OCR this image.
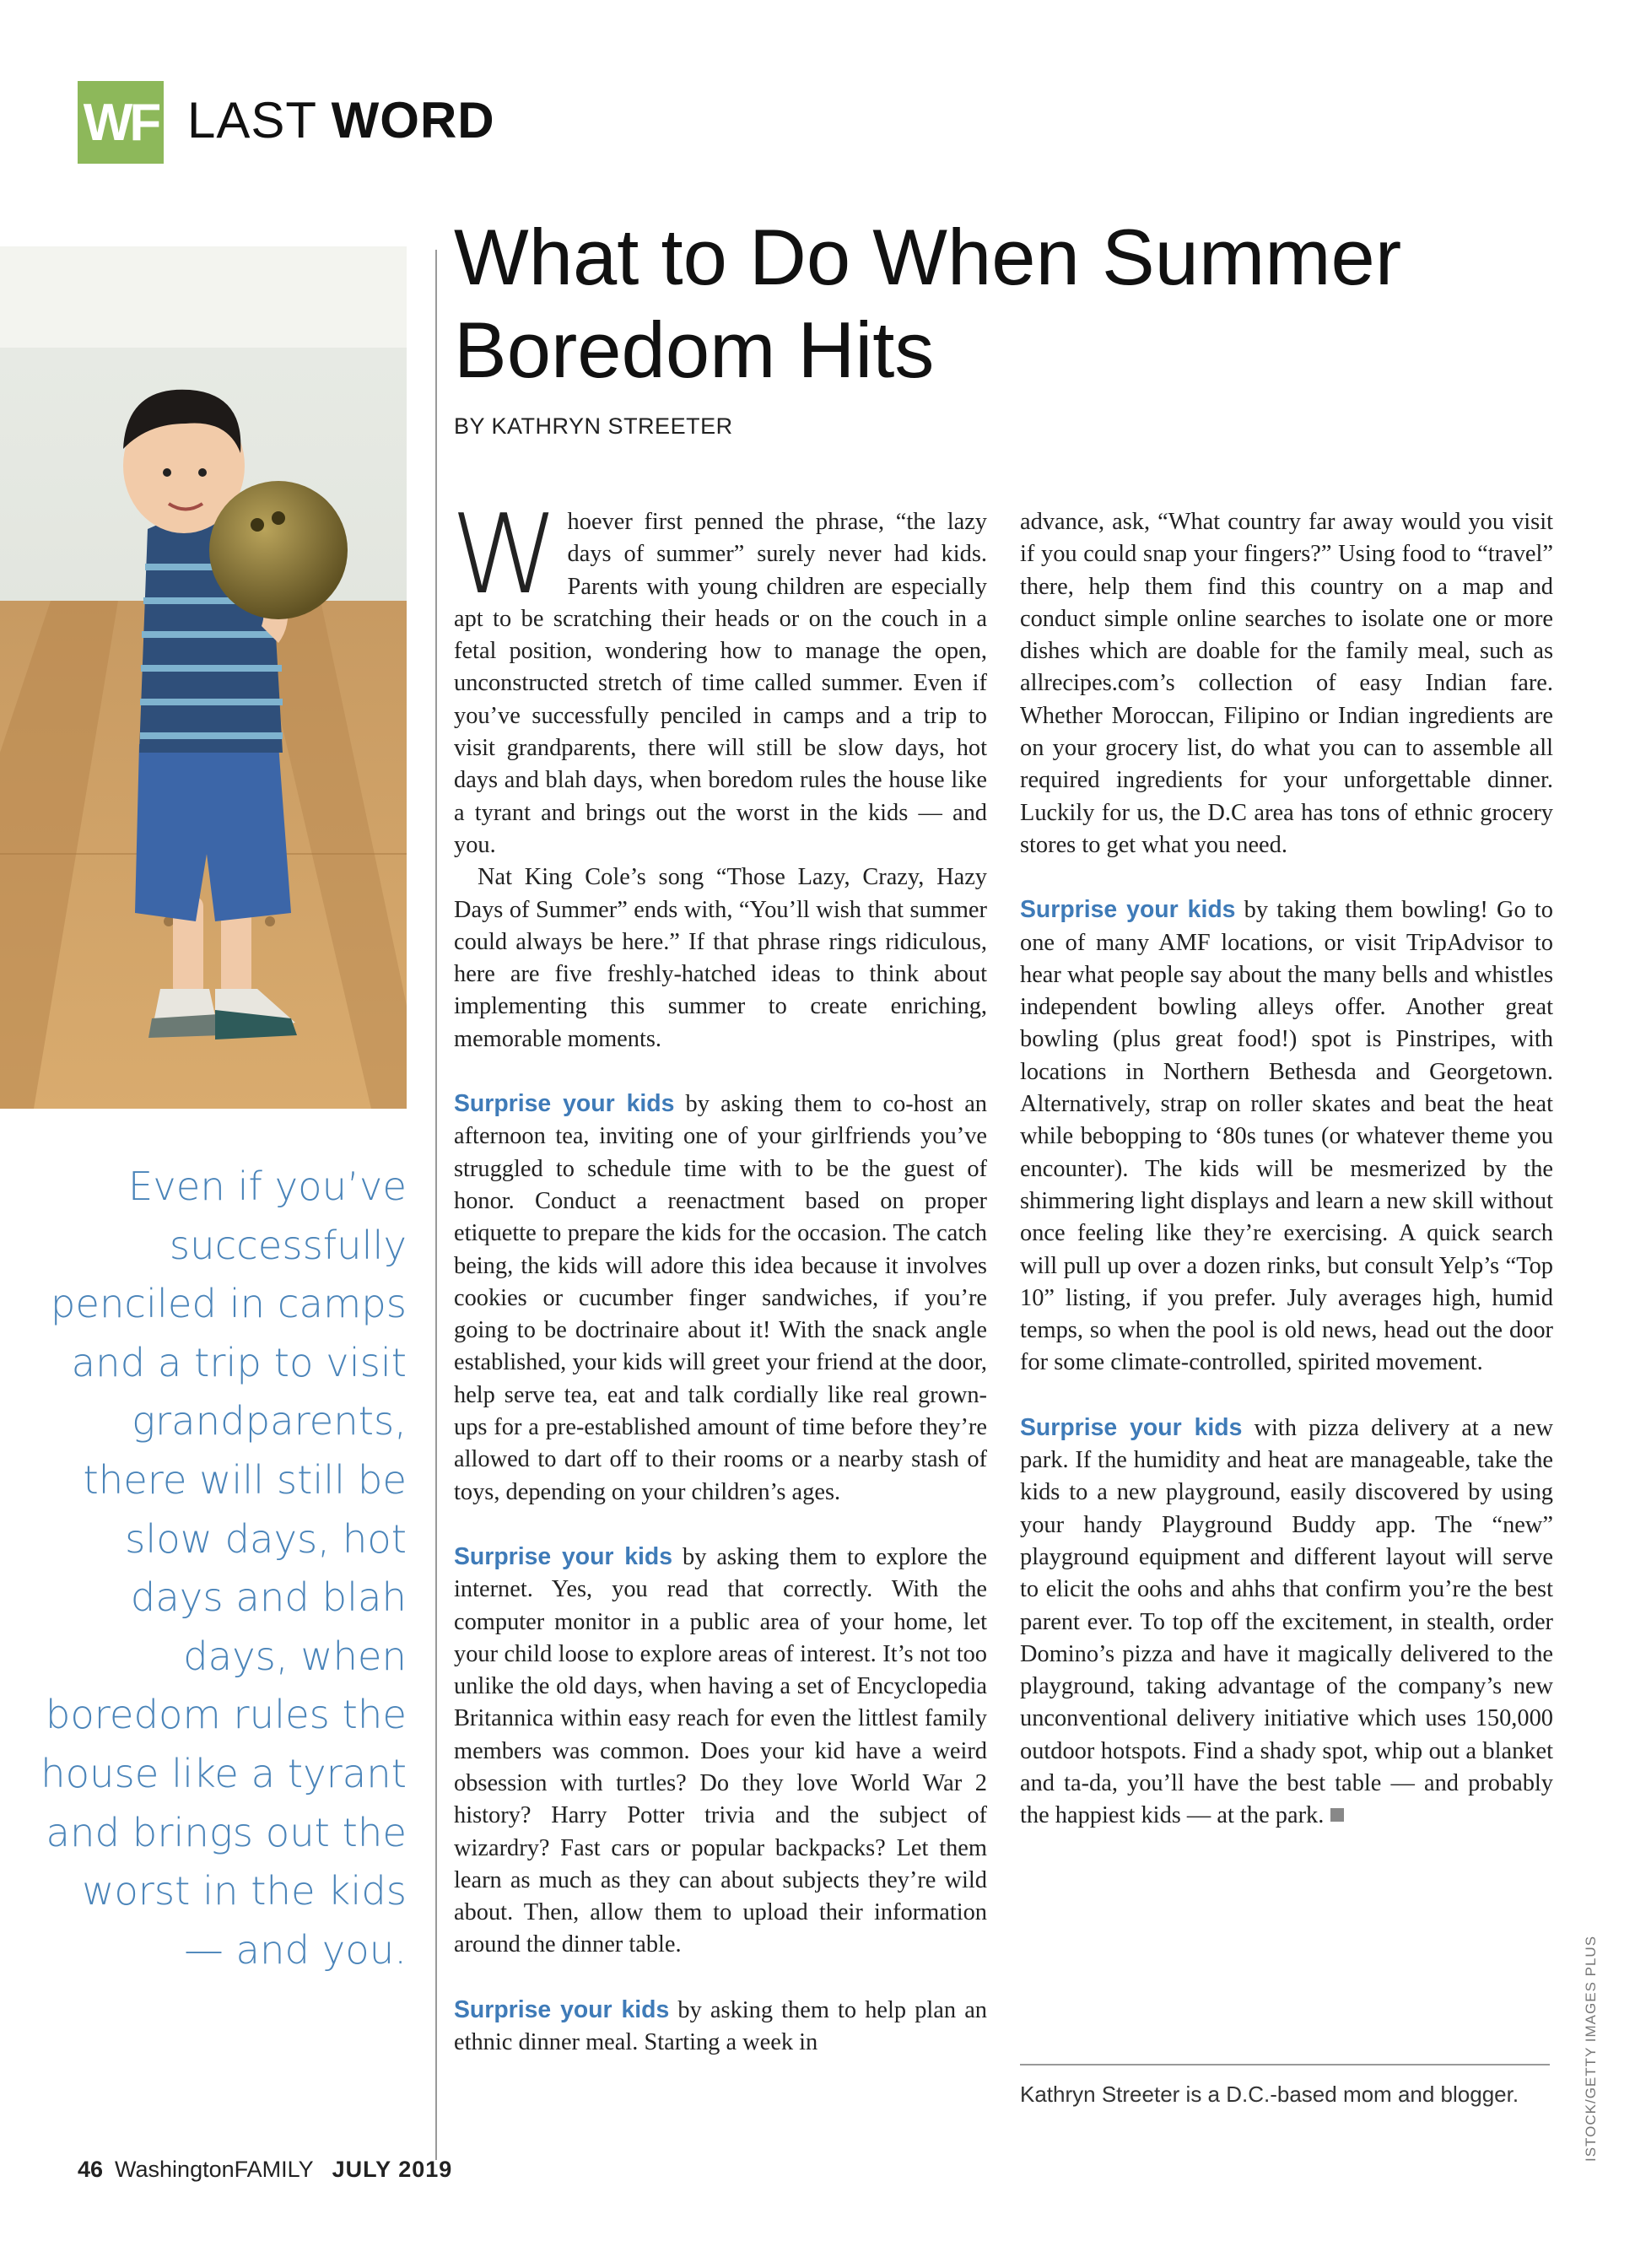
WF LAST WORD
Even if you’ve successfully penciled in camps and a trip to visit grandparents, there will still be slow days, hot days and blah days, when boredom rules the house like a tyrant and brings out the worst in the kids — and you.
What to Do When Summer Boredom Hits
BY KATHRYN STREETER

Whoever first penned the phrase, “the lazy days of summer” surely never had kids. Parents with young children are especially apt to be scratching their heads or on the couch in a fetal position, wondering how to manage the open, unconstructed stretch of time called summer. Even if you’ve successfully penciled in camps and a trip to visit grandparents, there will still be slow days, hot days and blah days, when boredom rules the house like a tyrant and brings out the worst in the kids — and you.

Nat King Cole’s song “Those Lazy, Crazy, Hazy Days of Summer” ends with, “You’ll wish that summer could always be here.” If that phrase rings ridiculous, here are five freshly-hatched ideas to think about implementing this summer to create enriching, memorable moments.

Surprise your kids by asking them to co-host an afternoon tea, inviting one of your girlfriends you’ve struggled to schedule time with to be the guest of honor. Conduct a reenactment based on proper etiquette to prepare the kids for the occasion. The catch being, the kids will adore this idea because it involves cookies or cucumber finger sandwiches, if you’re going to be doctrinaire about it! With the snack angle established, your kids will greet your friend at the door, help serve tea, eat and talk cordially like real grown-ups for a pre-established amount of time before they’re allowed to dart off to their rooms or a nearby stash of toys, depending on your children’s ages.

Surprise your kids by asking them to explore the internet. Yes, you read that correctly. With the computer monitor in a public area of your home, let your child loose to explore areas of interest. It’s not too unlike the old days, when having a set of Encyclopedia Britannica within easy reach for even the littlest family members was common. Does your kid have a weird obsession with turtles? Do they love World War 2 history? Harry Potter trivia and the subject of wizardry? Fast cars or popular backpacks? Let them learn as much as they can about subjects they’re wild about. Then, allow them to upload their information around the dinner table.

Surprise your kids by asking them to help plan an ethnic dinner meal. Starting a week in

advance, ask, “What country far away would you visit if you could snap your fingers?” Using food to “travel” there, help them find this country on a map and conduct simple online searches to isolate one or more dishes which are doable for the family meal, such as allrecipes.com’s collection of easy Indian fare. Whether Moroccan, Filipino or Indian ingredients are on your grocery list, do what you can to assemble all required ingredients for your unforgettable dinner. Luckily for us, the D.C area has tons of ethnic grocery stores to get what you need.

Surprise your kids by taking them bowling! Go to one of many AMF locations, or visit TripAdvisor to hear what people say about the many bells and whistles independent bowling alleys offer. Another great bowling (plus great food!) spot is Pinstripes, with locations in Northern Bethesda and Georgetown. Alternatively, strap on roller skates and beat the heat while bebopping to ‘80s tunes (or whatever theme you encounter). The kids will be mesmerized by the shimmering light displays and learn a new skill without once feeling like they’re exercising. A quick search will pull up over a dozen rinks, but consult Yelp’s “Top 10” listing, if you prefer. July averages high, humid temps, so when the pool is old news, head out the door for some climate-controlled, spirited movement.

Surprise your kids with pizza delivery at a new park. If the humidity and heat are manageable, take the kids to a new playground, easily discovered by using your handy Playground Buddy app. The “new” playground equipment and different layout will serve to elicit the oohs and ahhs that confirm you’re the best parent ever. To top off the excitement, in stealth, order Domino’s pizza and have it magically delivered to the playground, taking advantage of the company’s new unconventional delivery initiative which uses 150,000 outdoor hotspots. Find a shady spot, whip out a blanket and ta-da, you’ll have the best table — and probably the happiest kids — at the park.

Kathryn Streeter is a D.C.-based mom and blogger.	ISTOCK/GETTY IMAGES PLUS
46 WashingtonFAMILY JULY 2019
